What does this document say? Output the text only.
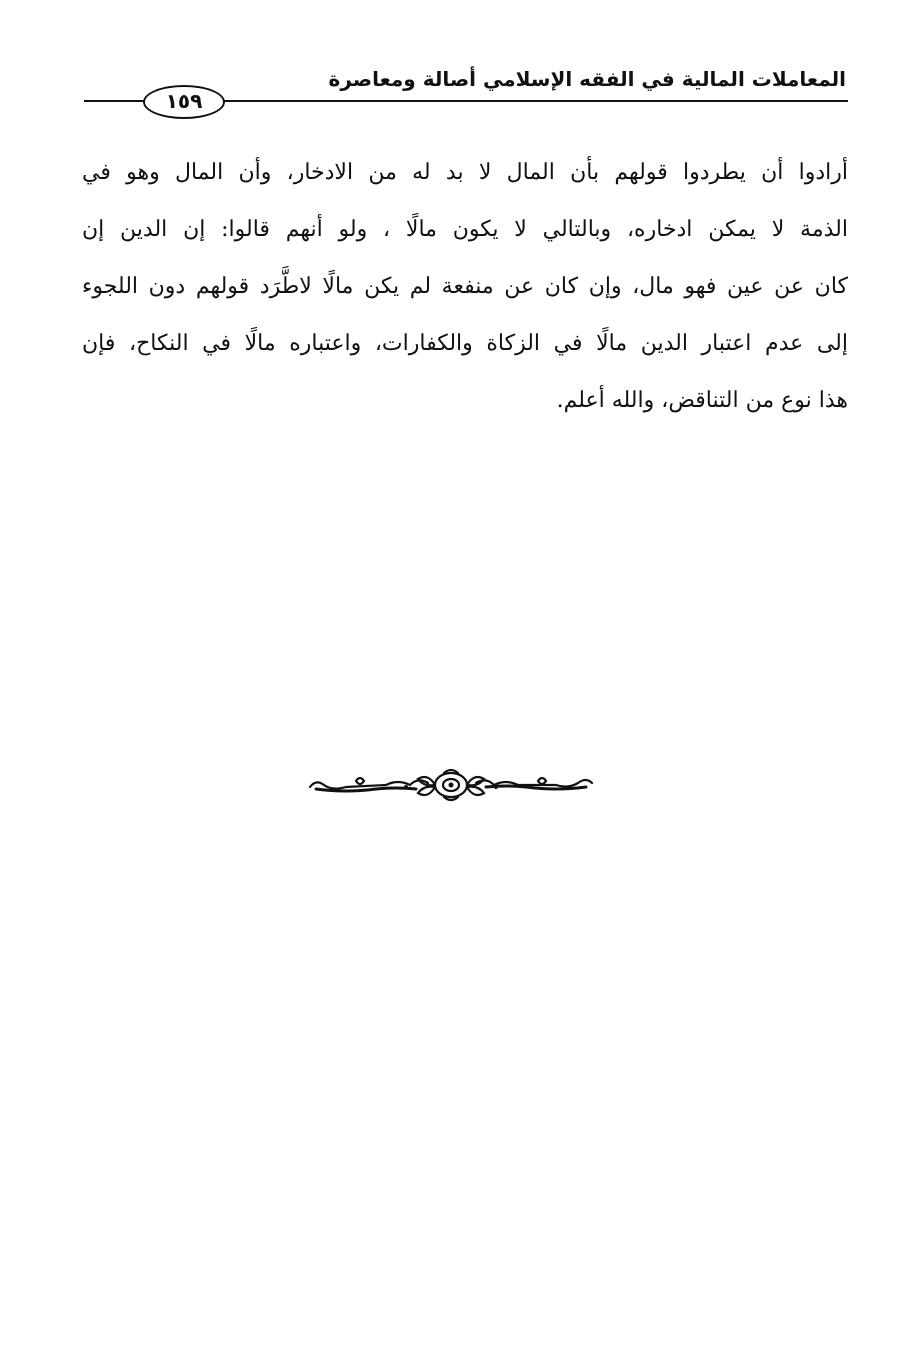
المعاملات المالية في الفقه الإسلامي أصالة ومعاصرة
١٥٩
أرادوا أن يطردوا قولهم بأن المال لا بد له من الادخار، وأن المال وهو في
الذمة لا يمكن ادخاره، وبالتالي لا يكون مالًا ، ولو أنهم قالوا: إن الدين إن
كان عن عين فهو مال، وإن كان عن منفعة لم يكن مالًا لاطَّرَد قولهم دون اللجوء
إلى عدم اعتبار الدين مالًا في الزكاة والكفارات، واعتباره مالًا في النكاح، فإن
هذا نوع من التناقض، والله أعلم.
